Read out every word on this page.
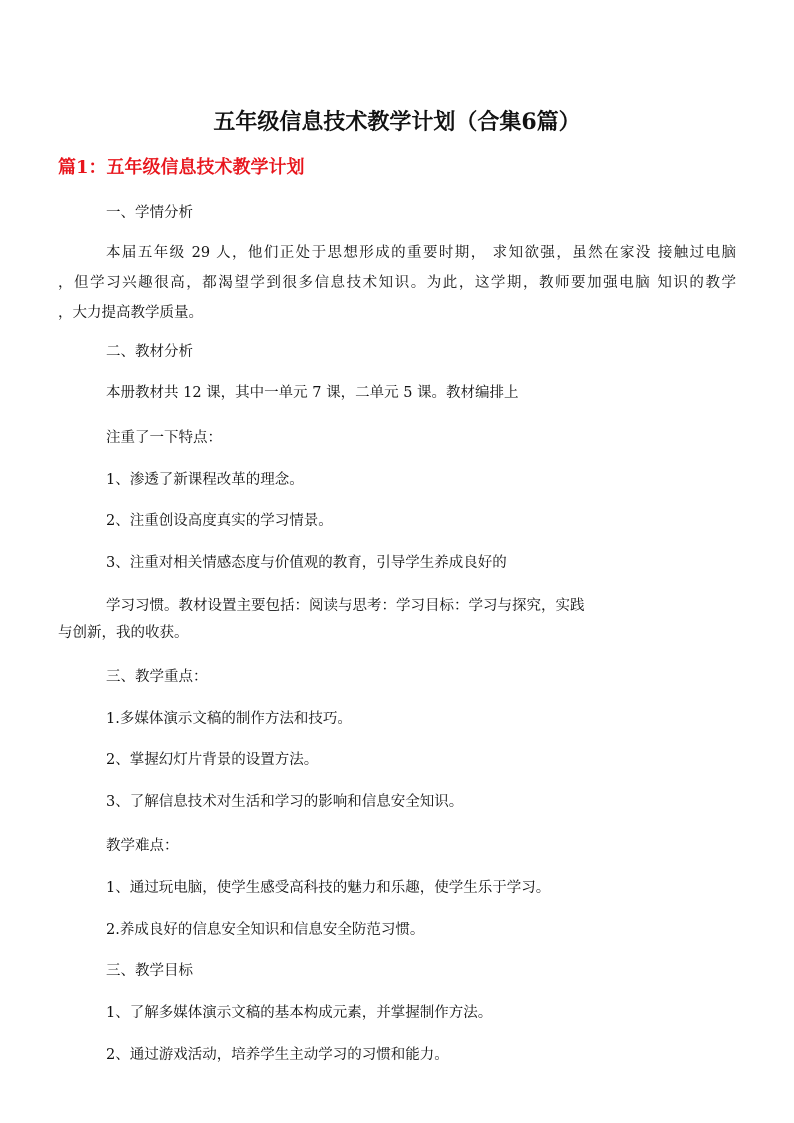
五年级信息技术教学计划（合集6篇）
篇1：五年级信息技术教学计划
一、学情分析
本届五年级 29 人，他们正处于思想形成的重要时期， 求知欲强，虽然在家没 接触过电脑
，但学习兴趣很高，都渴望学到很多信息技术知识。为此，这学期，教师要加强电脑 知识的教学
，大力提高教学质量。
二、教材分析
本册教材共 12 课，其中一单元 7 课，二单元 5 课。教材编排上
注重了一下特点：
1、渗透了新课程改革的理念。
2、注重创设高度真实的学习情景。
3、注重对相关情感态度与价值观的教育，引导学生养成良好的
学习习惯。教材设置主要包括：阅读与思考：学习目标：学习与探究，实践
与创新，我的收获。
三、教学重点：
1.多媒体演示文稿的制作方法和技巧。
2、掌握幻灯片背景的设置方法。
3、了解信息技术对生活和学习的影响和信息安全知识。
教学难点：
1、通过玩电脑，使学生感受高科技的魅力和乐趣，使学生乐于学习。
2.养成良好的信息安全知识和信息安全防范习惯。
三、教学目标
1、了解多媒体演示文稿的基本构成元素，并掌握制作方法。
2、通过游戏活动，培养学生主动学习的习惯和能力。
